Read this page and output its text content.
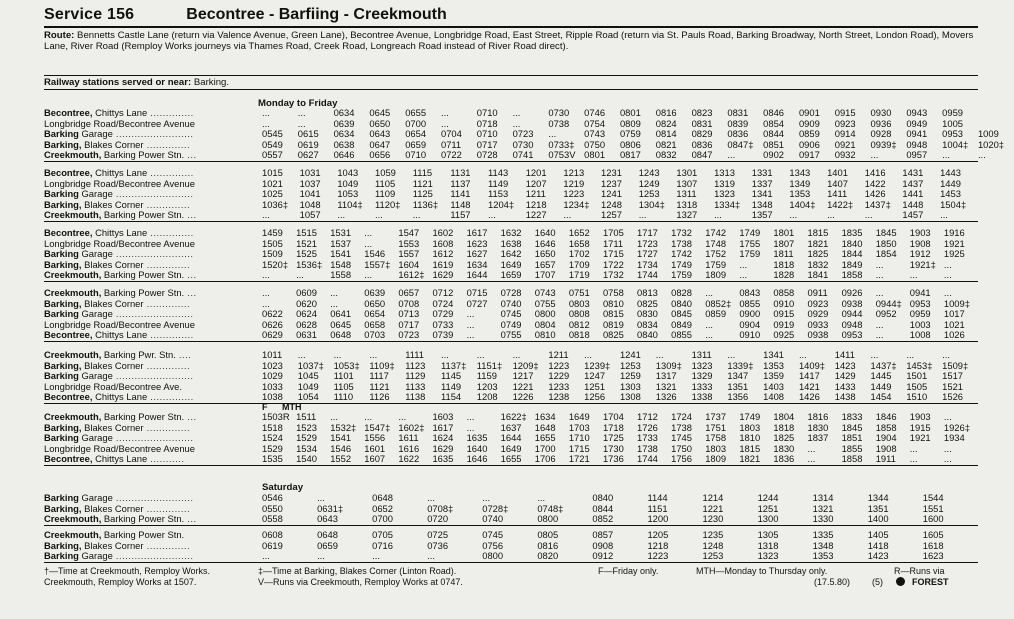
Service 156	Becontree - Barfiing - Creekmouth
Route: Bennetts Castle Lane (return via Valence Avenue, Green Lane), Becontree Avenue, Longbridge Road, East Street, Ripple Road (return via St. Pauls Road, Barking Broadway, North Street, London Road), Movers Lane, River Road (Remploy Works journeys via Thames Road, Creek Road, Longreach Road instead of River Road direct).
Railway stations served or near: Barking.
Monday to Friday
Saturday
Becontree, Chittys Lane ..............	...	...	0634	0645	0655	...	0710	...	0730	0746	0801	0816	0823	0831	0846	0901	0915	0930	0943	0959
Longbridge Road/Becontree Avenue	...	...	0639	0650	0700	...	0718	...	0738	0754	0809	0824	0831	0839	0854	0909	0923	0936	0949	1005
Barking Garage .........................	0545	0615	0634	0643	0654	0704	0710	0723	...	0743	0759	0814	0829	0836	0844	0859	0914	0928	0941	0953	1009
Barking, Blakes Corner ..............	0549	0619	0638	0647	0659	0711	0717	0730	0733‡	0750	0806	0821	0836	0847‡	0851	0906	0921	0939‡	0948	1004‡	1020‡
Creekmouth, Barking Power Stn. ...	0557	0627	0646	0656	0710	0722	0728	0741	0753V 0801	0817	0832	0847	...	0902	0917	0932	...	0957	...	...
Becontree, Chittys Lane ..............	1015	1031	1043	1059	1115	1131	1143	1201	1213	1231	1243	1301	1313	1331	1343	1401	1416	1431	1443
Longbridge Road/Becontree Avenue	1021	1037	1049	1105	1121	1137	1149	1207	1219	1237	1249	1307	1319	1337	1349	1407	1422	1437	1449
Barking Garage .........................	1025	1041	1053	1109	1125	1141	1153	1211	1223	1241	1253	1311	1323	1341	1353	1411	1426	1441	1453
Barking, Blakes Corner ..............	1036‡	1048	1104‡	1120‡	1136‡	1148	1204‡	1218	1234‡	1248	1304‡	1318	1334‡	1348	1404‡	1422‡	1437‡	1448	1504‡
Creekmouth, Barking Power Stn. ...	...	1057	...	...	...	1157	...	1227	...	1257	...	1327	...	1357	...	...	...	1457	...
Becontree, Chittys Lane ..............	1459	1515	1531	...	1547	1602	1617	1632	1640	1652	1705	1717	1732	1742	1749	1801	1815	1835	1845	1903	1916
Longbridge Road/Becontree Avenue	1505	1521	1537	...	1553	1608	1623	1638	1646	1658	1711	1723	1738	1748	1755	1807	1821	1840	1850	1908	1921
Barking Garage .........................	1509	1525	1541	1546	1557	1612	1627	1642	1650	1702	1715	1727	1742	1752	1759	1811	1825	1844	1854	1912	1925
Barking, Blakes Corner ..............	1520‡ 1536‡ 1548	1557‡ 1604	1619	1634	1649	1657	1709	1722	1734	1749	1759	...	1818	1832	1849	...	1921‡ ...
Creekmouth, Barking Power Stn. ...	...	...	1558	...	1612‡ 1629	1644	1659	1707	1719	1732	1744	1759	1809	...	1828	1841	1858	...	...	...
Creekmouth, Barking Power Stn. ...	...	0609	...	0639	0657	0712	0715	0728	0743	0751	0758	0813	0828	...	0843	0858	0911	0926	...	0941	...
Barking, Blakes Corner ..............	...	0620	...	0650	0708	0724	0727	0740	0755	0803	0810	0825	0840	0852‡ 0855	0910	0923	0938	0944‡ 0953	1009‡
Barking Garage .........................	0622	0624	0641	0654	0713	0729	...	0745	0800	0808	0815	0830	0845	0859	0900	0915	0929	0944	0952	0959	1017
Longbridge Road/Becontree Avenue	0626	0628	0645	0658	0717	0733	...	0749	0804	0812	0819	0834	0849	...	0904	0919	0933	0948	...	1003	1021
Becontree, Chittys Lane ..............	0629	0631	0648	0703	0723	0739	...	0755	0810	0818	0825	0840	0855	...	0910	0925	0938	0953	...	1008	1026
Creekmouth, Barking Pwr. Stn. ....	1011	...	...	...	1111	...	...	...	1211	...	1241	...	1311	...	1341	...	1411	...	...	...
Barking, Blakes Corner ..............	1023	1037‡	1053‡	1109‡	1123	1137‡	1151‡	1209‡	1223	1239‡	1253	1309‡	1323	1339‡	1353	1409‡	1423	1437‡	1453‡	1509‡
Barking Garage .........................	1029	1045	1101	1117	1129	1145	1159	1217	1229	1247	1259	1317	1329	1347	1359	1417	1429	1445	1501	1517
Longbridge Road/Becontree Ave.	1033	1049	1105	1121	1133	1149	1203	1221	1233	1251	1303	1321	1333	1351	1403	1421	1433	1449	1505	1521
Becontree, Chittys Lane ..............	1038	1054	1110	1126	1138	1154	1208	1226	1238	1256	1308	1326	1338	1356	1408	1426	1438	1454	1510	1526
F MTH
Creekmouth, Barking Power Stn. ...	1503R 1511	...	...	...	1603	...	1622‡ 1634	1649	1704	1712	1724	1737	1749	1804	1816	1833	1846	1903	...
Barking, Blakes Corner ..............	1518	1523	1532‡ 1547‡ 1602‡ 1617	...	1637	1648	1703	1718	1726	1738	1751	1803	1818	1830	1845	1858	1915	1926‡
Barking Garage .........................	1524	1529	1541	1556	1611	1624	1635	1644	1655	1710	1725	1733	1745	1758	1810	1825	1837	1851	1904	1921	1934
Longbridge Road/Becontree Avenue	1529	1534	1546	1601	1616	1629	1640	1649	1700	1715	1730	1738	1750	1803	1815	1830	...	1855	1908	...	...
Becontree, Chittys Lane ...........	1535	1540	1552	1607	1622	1635	1646	1655	1706	1721	1736	1744	1756	1809	1821	1836	...	1858	1911	...	...
Barking Garage .........................	0546	...	0648	...	...	...	0840	1144	1214	1244	1314	1344	1544
Barking, Blakes Corner ..............	0550	0631‡	0652	0708‡	0728‡	0748‡	0844	1151	1221	1251	1321	1351	1551
Creekmouth, Barking Power Stn. ...	0558	0643	0700	0720	0740	0800	0852	1200	1230	1300	1330	1400	1600
Creekmouth, Barking Power Stn.	0608	0648	0705	0725	0745	0805	0857	1205	1235	1305	1335	1405	1605
Barking, Blakes Corner ..............	0619	0659	0716	0736	0756	0816	0908	1218	1248	1318	1348	1418	1618
Barking Garage .........................	...	...	...	...	0800	0820	0912	1223	1253	1323	1353	1423	1623
†—Time at Creekmouth, Remploy Works.	‡—Time at Barking, Blakes Corner (Linton Road).	F—Friday only.	MTH—Monday to Thursday only.	R—Runs via
Creekmouth, Remploy Works at 1507.	V—Runs via Creekmouth, Remploy Works at 0747.	(17.5.80) (5)	FOREST
